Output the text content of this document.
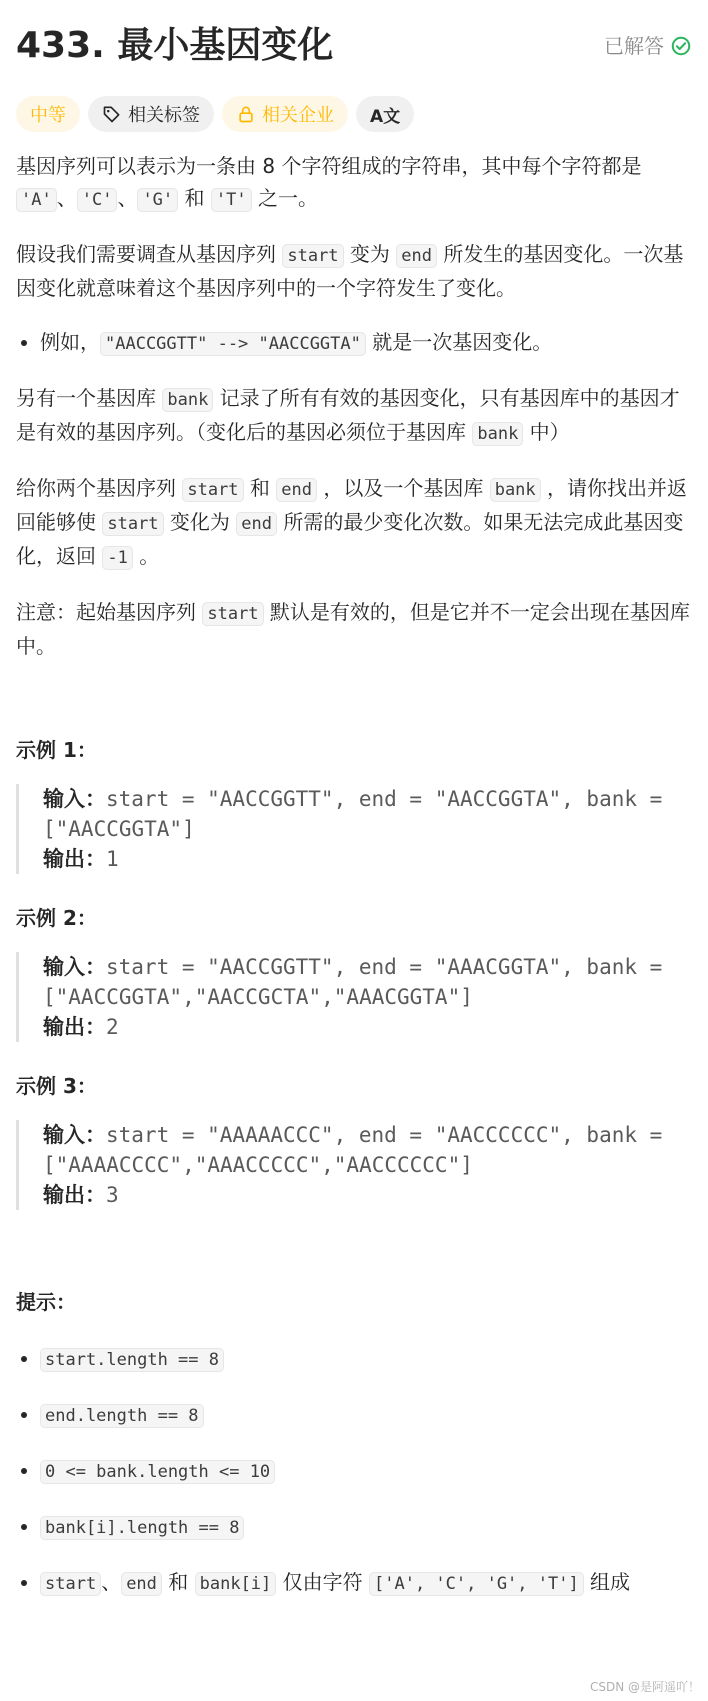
433. 最小基因变化	已解答
中等	相关标签	相关企业 A文

基因序列可以表示为一条由 8 个字符组成的字符串，其中每个字符都是 'A' 、 'C' 、 'G' 和 'T' 之一。

假设我们需要调查从基因序列 start 变为 end 所发生的基因变化。一次基因变化就意味着这个基因序列中的一个字符发生了变化。

• 例如， "AACCGGTT" --> "AACCGGTA" 就是一次基因变化。

另有一个基因库 bank 记录了所有有效的基因变化，只有基因库中的基因才是有效的基因序列。（变化后的基因必须位于基因库 bank 中）

给你两个基因序列 start 和 end ，以及一个基因库 bank ，请你找出并返回能够使 start 变化为 end 所需的最少变化次数。如果无法完成此基因变化，返回 -1 。

注意：起始基因序列 start 默认是有效的，但是它并不一定会出现在基因库中。

示例 1：
输入：start = "AACCGGTT", end = "AACCGGTA", bank = ["AACCGGTA"]
输出：1
示例 2：
输入：start = "AACCGGTT", end = "AAACGGTA", bank = ["AACCGGTA","AACCGCTA","AAACGGTA"]
输出：2
示例 3：
输入：start = "AAAAACCC", end = "AACCCCCC", bank = ["AAAACCCC","AAACCCCC","AACCCCCC"]
输出：3
提示：
• start.length == 8
• end.length == 8
• 0 <= bank.length <= 10
• bank[i].length == 8
• start 、 end 和 bank[i] 仅由字符 ['A', 'C', 'G', 'T'] 组成
CSDN @是阿遥吖！
